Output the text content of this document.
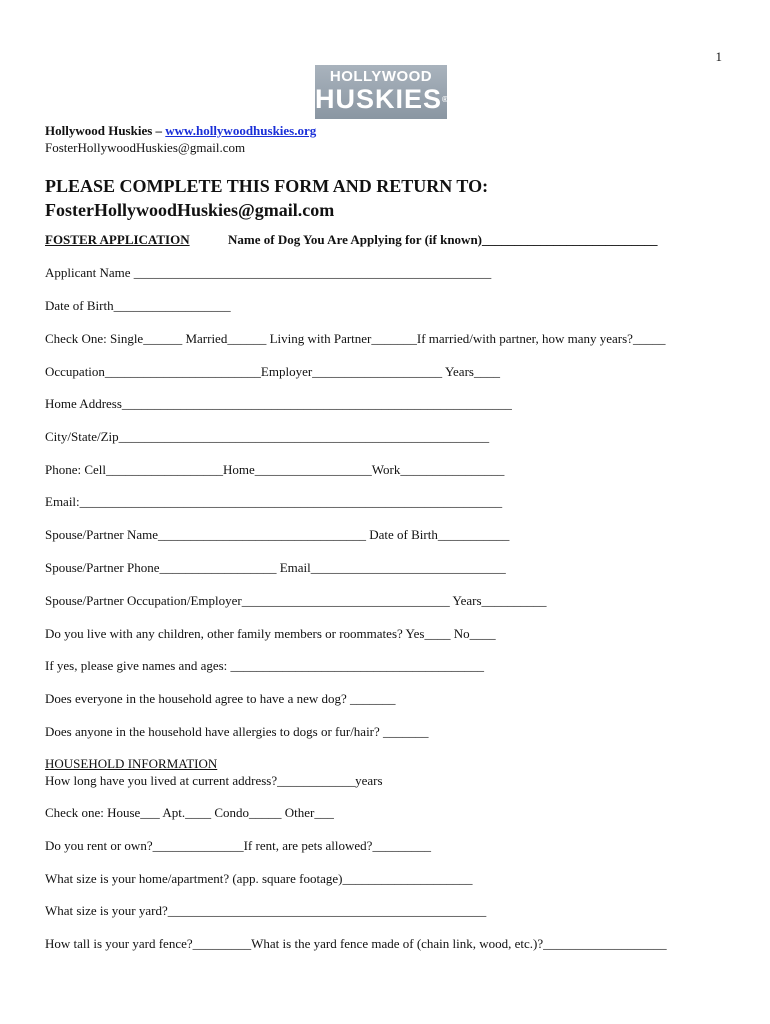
1
HOLLYWOOD
HUSKIES®
Hollywood Huskies – www.hollywoodhuskies.org
FosterHollywoodHuskies@gmail.com
PLEASE COMPLETE THIS FORM AND RETURN TO:
FosterHollywoodHuskies@gmail.com
FOSTER APPLICATION	Name of Dog You Are Applying for (if known)___________________________
Applicant Name _______________________________________________________
Date of Birth__________________
Check One: Single______ Married______ Living with Partner_______If married/with partner, how many years?_____
Occupation________________________Employer____________________ Years____
Home Address____________________________________________________________
City/State/Zip_________________________________________________________
Phone: Cell__________________Home__________________Work________________
Email:_________________________________________________________________
Spouse/Partner Name________________________________ Date of Birth___________
Spouse/Partner Phone__________________ Email______________________________
Spouse/Partner Occupation/Employer________________________________ Years__________
Do you live with any children, other family members or roommates? Yes____ No____
If yes, please give names and ages: _______________________________________
Does everyone in the household agree to have a new dog? _______
Does anyone in the household have allergies to dogs or fur/hair? _______
HOUSEHOLD INFORMATION
How long have you lived at current address?____________years
Check one: House___ Apt.____ Condo_____ Other___
Do you rent or own?______________If rent, are pets allowed?_________
What size is your home/apartment? (app. square footage)____________________
What size is your yard?_________________________________________________
How tall is your yard fence?_________What is the yard fence made of (chain link, wood, etc.)?___________________
